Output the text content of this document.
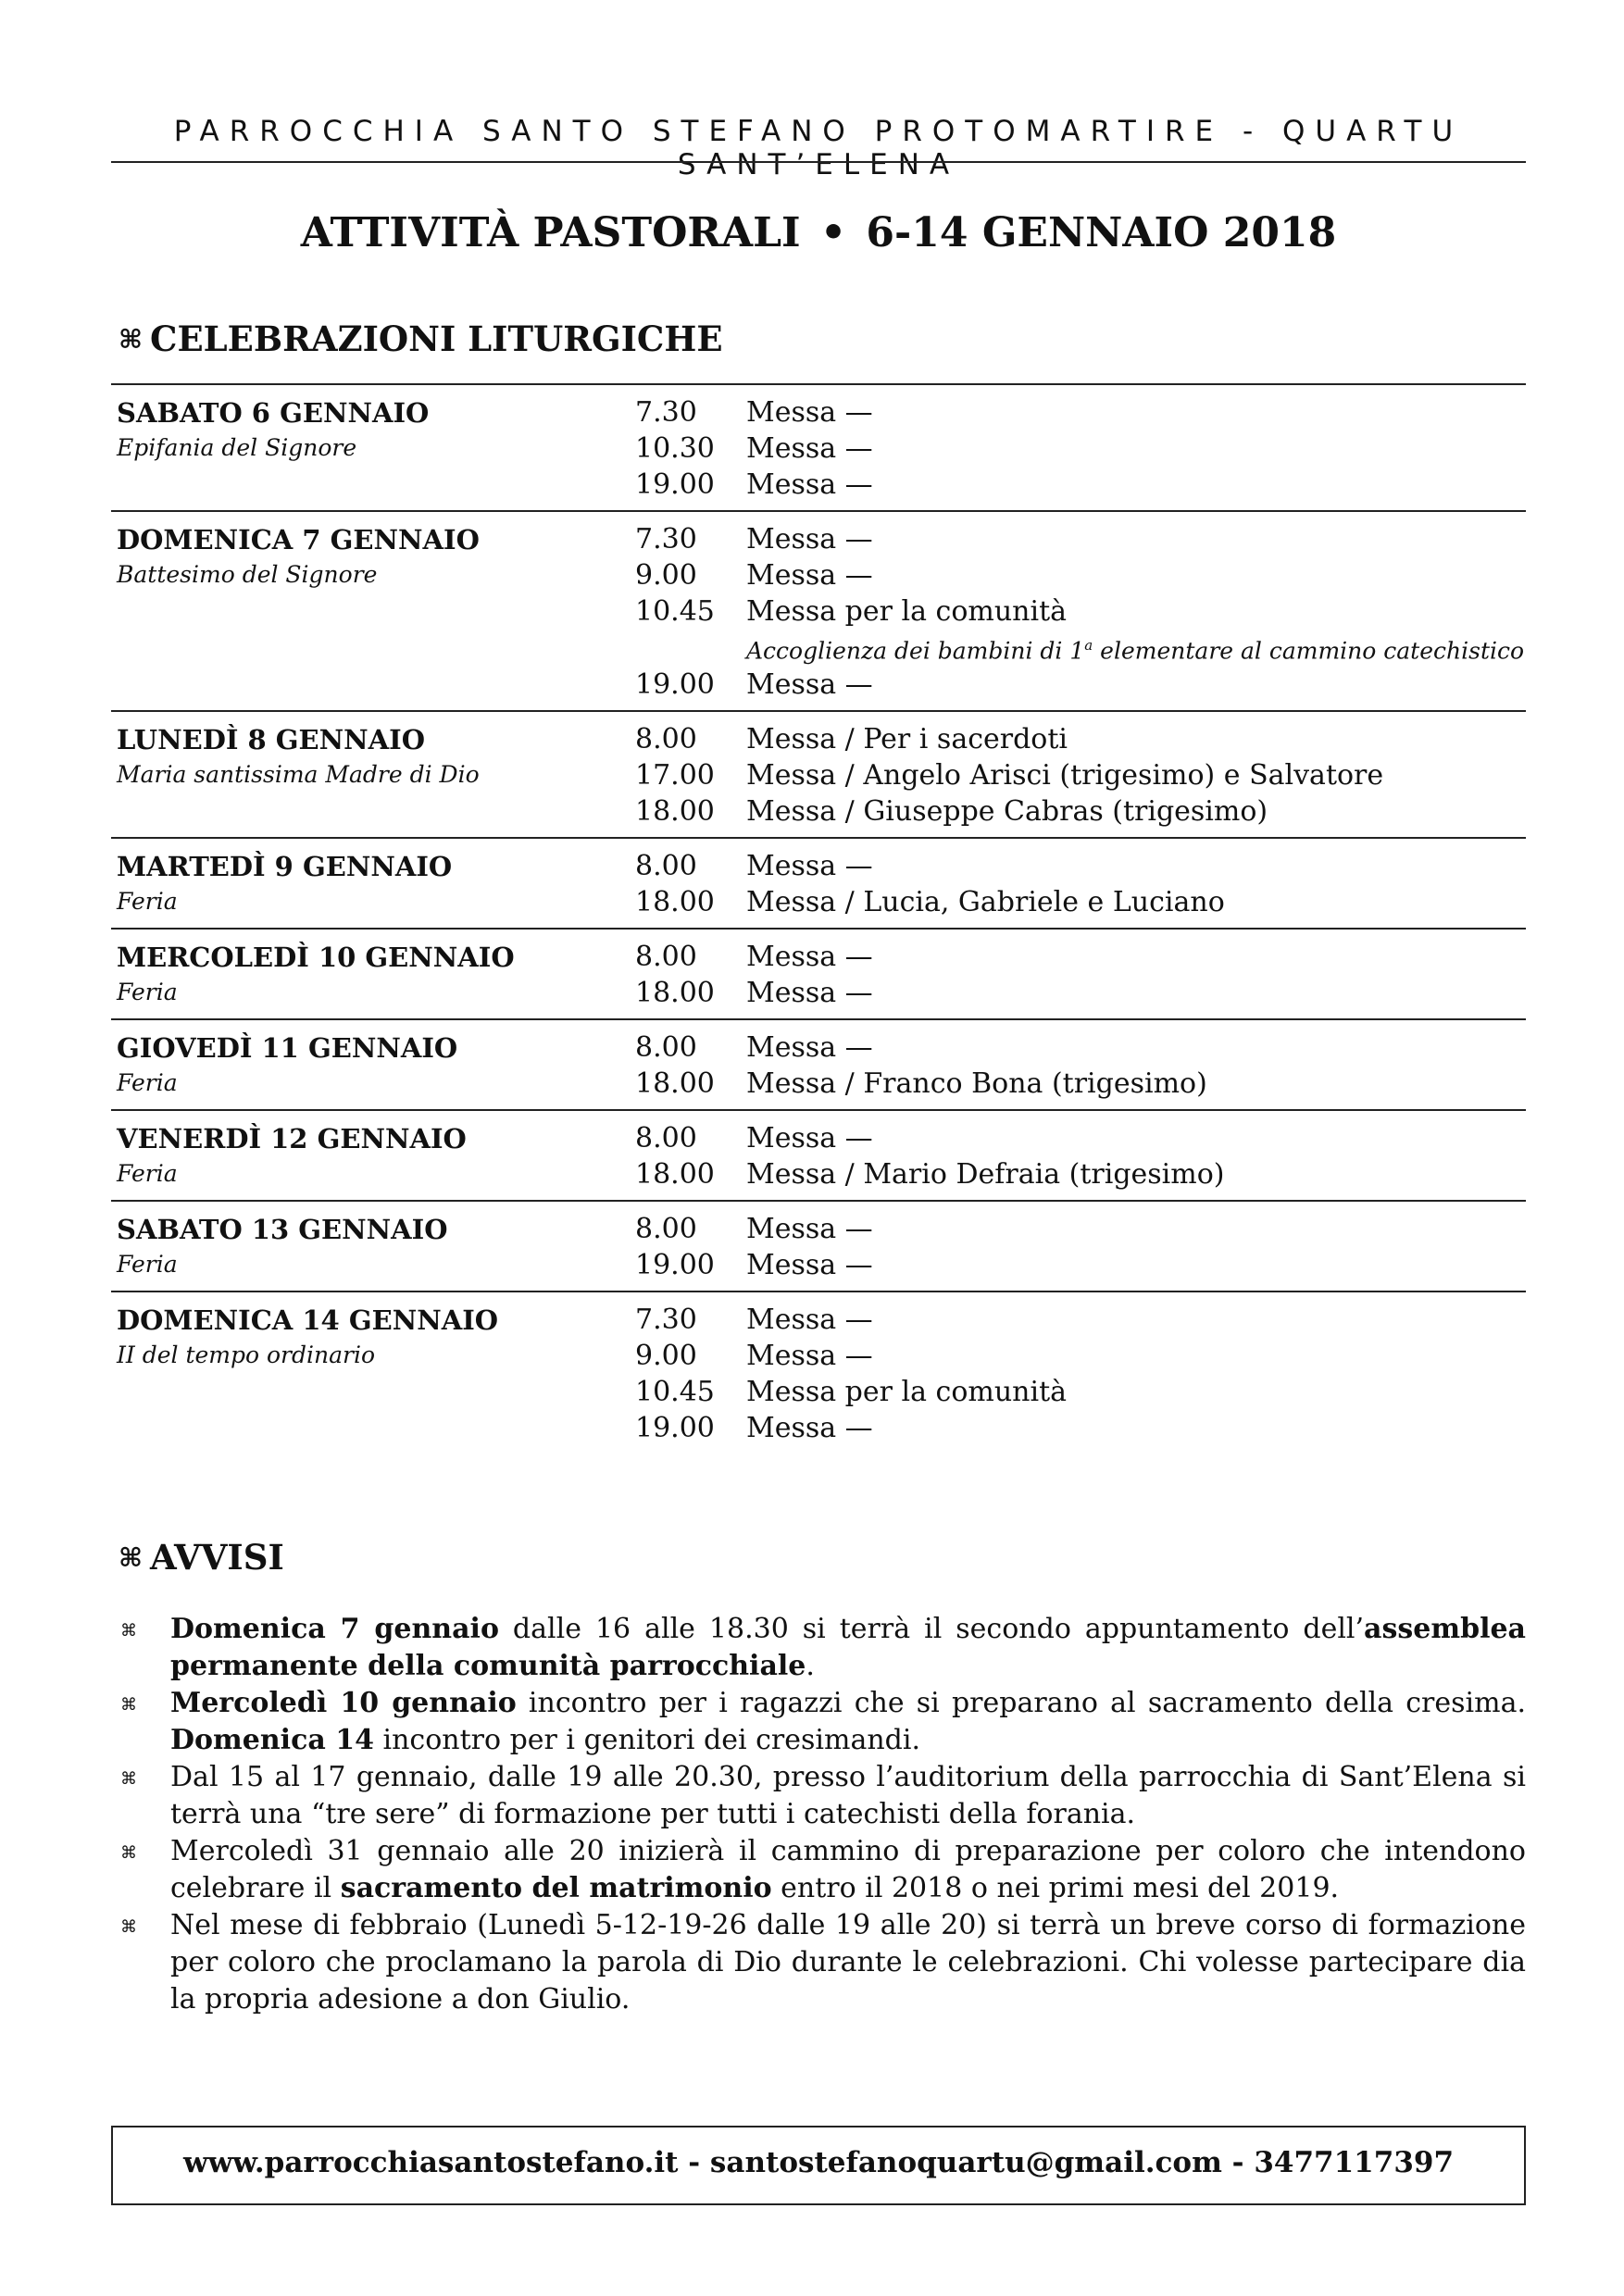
PARROCCHIA SANTO STEFANO PROTOMARTIRE - QUARTU SANT’ELENA
ATTIVITÀ PASTORALI • 6-14 GENNAIO 2018
⌘ CELEBRAZIONI LITURGICHE
SABATO 6 GENNAIO
Epifania del Signore
7.30	Messa —
10.30	Messa —
19.00	Messa —
DOMENICA 7 GENNAIO
Battesimo del Signore
7.30	Messa —
9.00	Messa —
10.45	Messa per la comunità
Accoglienza dei bambini di 1$^a$ elementare al cammino catechistico
19.00	Messa —
LUNEDÌ 8 GENNAIO
Maria santissima Madre di Dio
8.00	Messa / Per i sacerdoti
17.00	Messa / Angelo Arisci (trigesimo) e Salvatore
18.00	Messa / Giuseppe Cabras (trigesimo)
MARTEDÌ 9 GENNAIO
Feria
8.00	Messa —
18.00	Messa / Lucia, Gabriele e Luciano
MERCOLEDÌ 10 GENNAIO
Feria
8.00	Messa —
18.00	Messa —
GIOVEDÌ 11 GENNAIO
Feria
8.00	Messa —
18.00	Messa / Franco Bona (trigesimo)
VENERDÌ 12 GENNAIO
Feria
8.00	Messa —
18.00	Messa / Mario Defraia (trigesimo)
SABATO 13 GENNAIO
Feria
8.00	Messa —
19.00	Messa —
DOMENICA 14 GENNAIO
II del tempo ordinario
7.30	Messa —
9.00	Messa —
10.45	Messa per la comunità
19.00	Messa —
⌘ AVVISI
⌘ Domenica 7 gennaio dalle 16 alle 18.30 si terrà il secondo appuntamento dell’assemblea permanente della comunità parrocchiale.
⌘ Mercoledì 10 gennaio incontro per i ragazzi che si preparano al sacramento della cresima. Domenica 14 incontro per i genitori dei cresimandi.
⌘ Dal 15 al 17 gennaio, dalle 19 alle 20.30, presso l’auditorium della parrocchia di Sant’Elena si terrà una “tre sere” di formazione per tutti i catechisti della forania.
⌘ Mercoledì 31 gennaio alle 20 inizierà il cammino di preparazione per coloro che intendono celebrare il sacramento del matrimonio entro il 2018 o nei primi mesi del 2019.
⌘ Nel mese di febbraio (Lunedì 5-12-19-26 dalle 19 alle 20) si terrà un breve corso di formazione per coloro che proclamano la parola di Dio durante le celebrazioni. Chi volesse partecipare dia la propria adesione a don Giulio.
www.parrocchiasantostefano.it - santostefanoquartu@gmail.com - 3477117397
